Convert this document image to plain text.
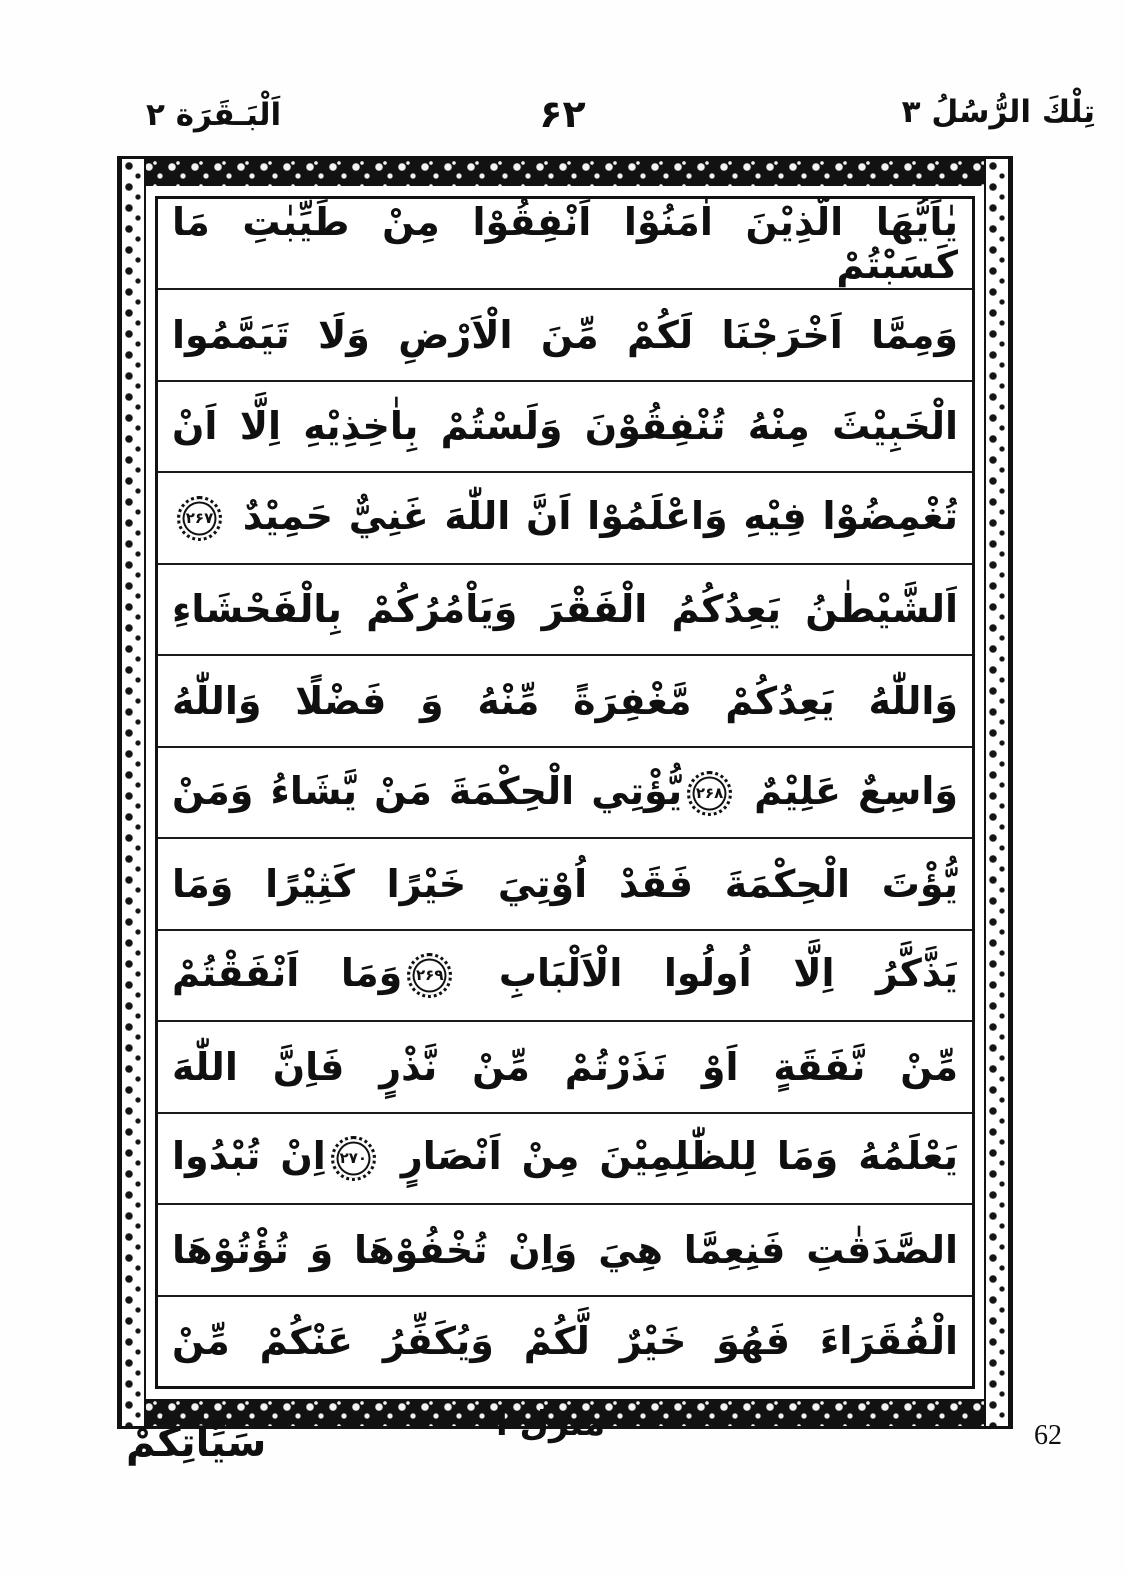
اَلْبَـقَرَة ۲	۶۲	تِلْكَ الرُّسُلُ ۳

يٰاَيُّهَا الَّذِيْنَ اٰمَنُوْا اَنْفِقُوْا مِنْ طَيِّبٰتِ مَا كَسَبْتُمْ

وَمِمَّا اَخْرَجْنَا لَكُمْ مِّنَ الْاَرْضِ وَلَا تَيَمَّمُوا

الْخَبِيْثَ مِنْهُ تُنْفِقُوْنَ وَلَسْتُمْ بِاٰخِذِيْهِ اِلَّا اَنْ

تُغْمِضُوْا فِيْهِ وَاعْلَمُوْا اَنَّ اللّٰهَ غَنِيٌّ حَمِيْدٌ ۲۶۷

اَلشَّيْطٰنُ يَعِدُكُمُ الْفَقْرَ وَيَاْمُرُكُمْ بِالْفَحْشَاءِ

وَاللّٰهُ يَعِدُكُمْ مَّغْفِرَةً مِّنْهُ وَ فَضْلًا وَاللّٰهُ

وَاسِعٌ عَلِيْمٌ ۲۶۸يُّؤْتِي الْحِكْمَةَ مَنْ يَّشَاءُ وَمَنْ

يُّؤْتَ الْحِكْمَةَ فَقَدْ اُوْتِيَ خَيْرًا كَثِيْرًا وَمَا

يَذَّكَّرُ اِلَّا اُولُوا الْاَلْبَابِ ۲۶۹وَمَا اَنْفَقْتُمْ

مِّنْ نَّفَقَةٍ اَوْ نَذَرْتُمْ مِّنْ نَّذْرٍ فَاِنَّ اللّٰهَ

يَعْلَمُهُ وَمَا لِلظّٰلِمِيْنَ مِنْ اَنْصَارٍ ۲۷۰اِنْ تُبْدُوا

الصَّدَقٰتِ فَنِعِمَّا هِيَ وَاِنْ تُخْفُوْهَا وَ تُؤْتُوْهَا

الْفُقَرَاءَ فَهُوَ خَيْرٌ لَّكُمْ وَيُكَفِّرُ عَنْكُمْ مِّنْ

سَيِّاٰتِكُمْ	منزل ا	62
